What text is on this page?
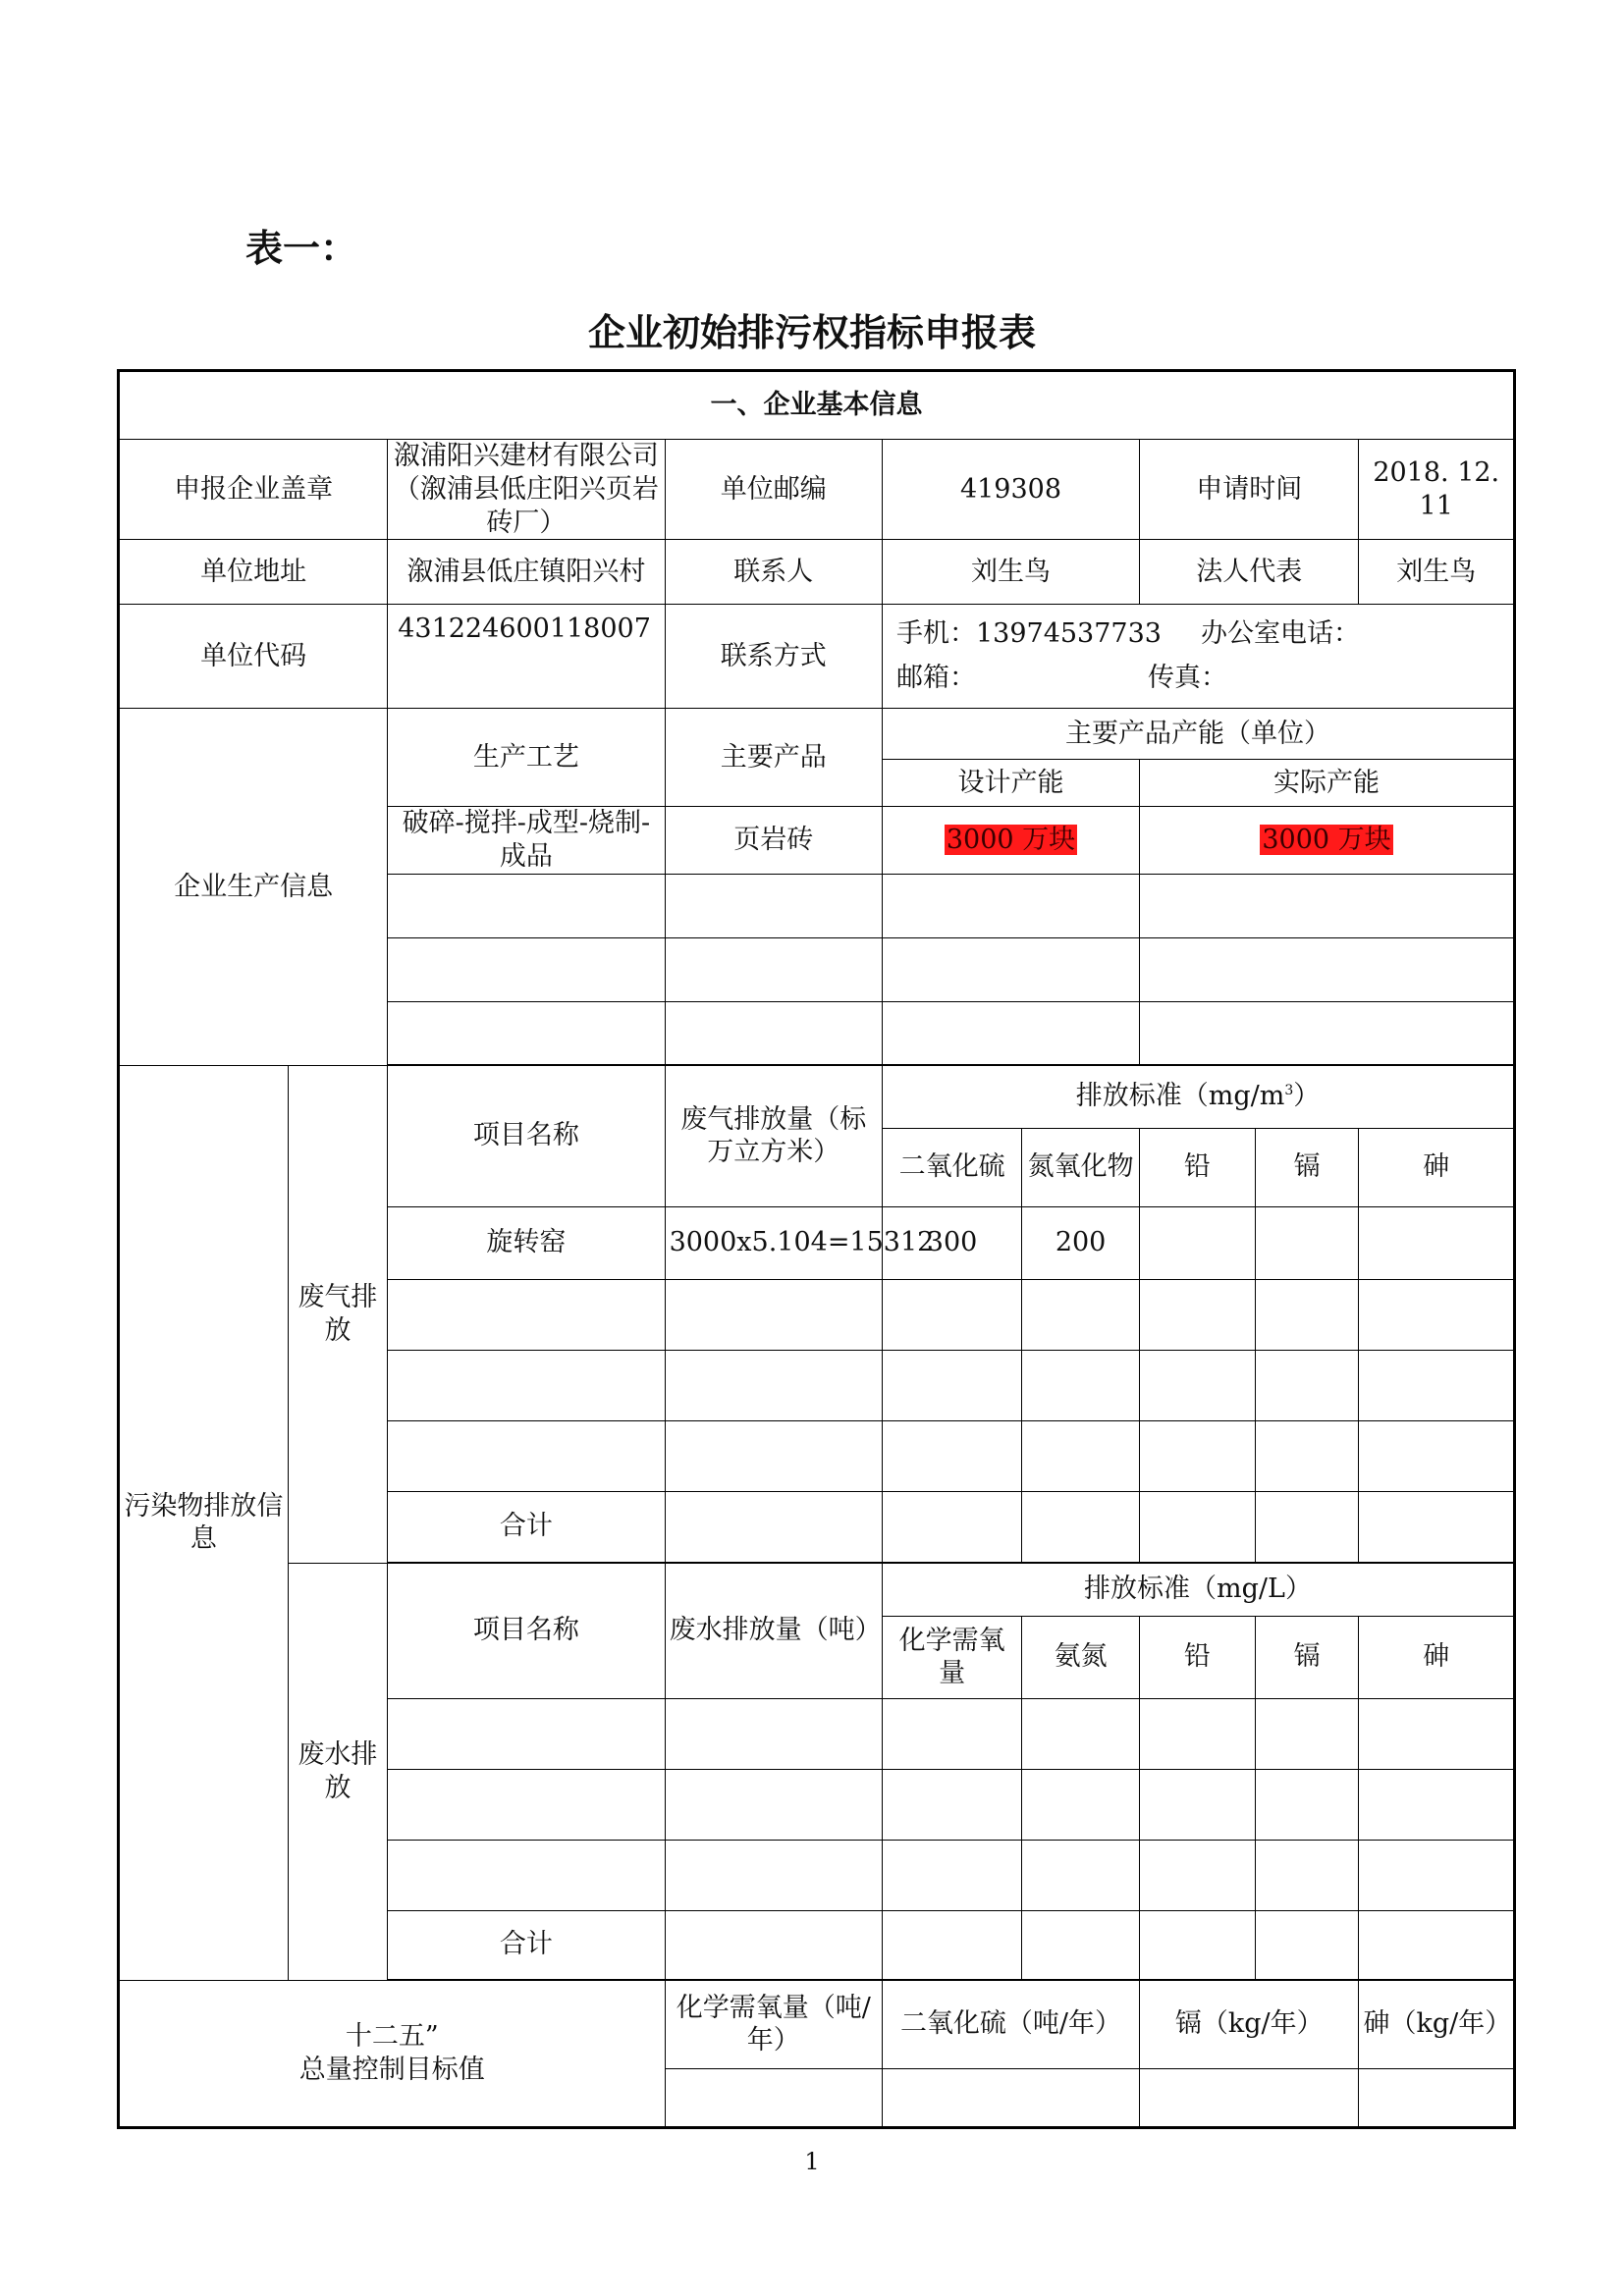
表一：
企业初始排污权指标申报表
一、企业基本信息								
申报企业盖章		溆浦阳兴建材有限公司（溆浦县低庄阳兴页岩砖厂）	单位邮编	419308		申请时间		2018. 12. 11
单位地址		溆浦县低庄镇阳兴村	联系人	刘生鸟		法人代表		刘生鸟
单位代码		431224600118007	联系方式	手机：13974537733 办公室电话：
邮箱： 传真：				
企业生产信息		生产工艺	主要产品	主要产品产能（单位）				
				设计产能		实际产能		
		破碎-搅拌-成型-烧制-成品	页岩砖	3000 万块		3000 万块		

污染物排放信息	废气排放	项目名称	废气排放量（标万立方米）	排放标准$(mg/m^3)$				
				二氧化硫	氮氧化物	铅	镉	砷
		旋转窑	3000x5.104=15312	300	200			

		合计						

	废水排放	项目名称	废水排放量（吨）	排放标准（mg/L）				
				化学需氧量	氨氮	铅	镉	砷

		合计						

十二五”
总量控制目标值			化学需氧量（吨/年）	二氧化硫（吨/年）		镉（kg/年）		砷（kg/年）

1
